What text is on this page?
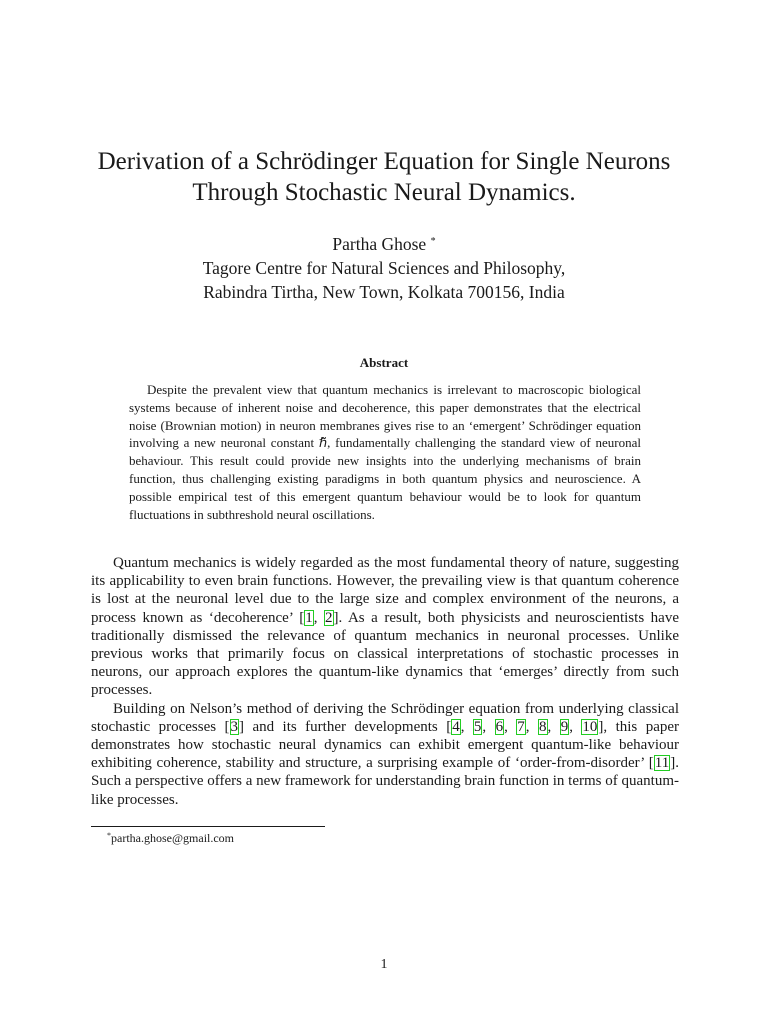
Derivation of a Schrödinger Equation for Single Neurons
Through Stochastic Neural Dynamics.
Partha Ghose *
Tagore Centre for Natural Sciences and Philosophy,
Rabindra Tirtha, New Town, Kolkata 700156, India
Abstract

Despite the prevalent view that quantum mechanics is irrelevant to macroscopic biological systems because of inherent noise and decoherence, this paper demonstrates that the electrical noise (Brownian motion) in neuron membranes gives rise to an ‘emergent’ Schrödinger equation involving a new neuronal constant ℏ̃, fundamentally challenging the standard view of neuronal behaviour. This result could provide new insights into the underlying mechanisms of brain function, thus challenging existing paradigms in both quantum physics and neuroscience. A possible empirical test of this emergent quantum behaviour would be to look for quantum fluctuations in subthreshold neural oscillations.

Quantum mechanics is widely regarded as the most fundamental theory of nature, suggesting its applicability to even brain functions. However, the prevailing view is that quantum coherence is lost at the neuronal level due to the large size and complex environment of the neurons, a process known as ‘decoherence’ [1, 2]. As a result, both physicists and neuroscientists have traditionally dismissed the relevance of quantum mechanics in neuronal processes. Unlike previous works that primarily focus on classical interpretations of stochastic processes in neurons, our approach explores the quantum-like dynamics that ‘emerges’ directly from such processes.

Building on Nelson’s method of deriving the Schrödinger equation from underlying classical stochastic processes [3] and its further developments [4, 5, 6, 7, 8, 9, 10], this paper demonstrates how stochastic neural dynamics can exhibit emergent quantum-like behaviour exhibiting coherence, stability and structure, a surprising example of ‘order-from-disorder’ [11]. Such a perspective offers a new framework for understanding brain function in terms of quantum-like processes.

*partha.ghose@gmail.com
1
